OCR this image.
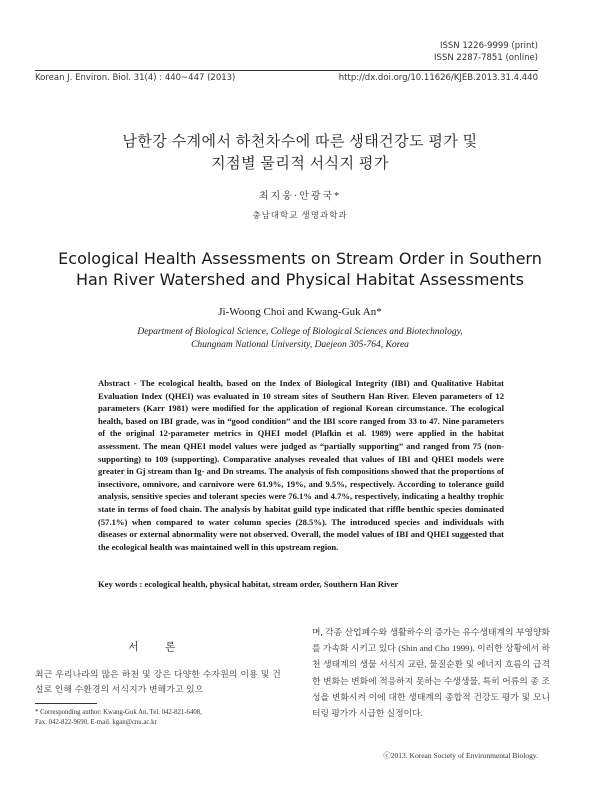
ISSN 1226-9999 (print)
ISSN 2287-7851 (online)
Korean J. Environ. Biol. 31(4) : 440~447 (2013)	http://dx.doi.org/10.11626/KJEB.2013.31.4.440
남한강 수계에서 하천차수에 따른 생태건강도 평가 및
지점별 물리적 서식지 평가
최지웅·안광국*
충남대학교 생명과학과
Ecological Health Assessments on Stream Order in Southern
Han River Watershed and Physical Habitat Assessments
Ji-Woong Choi and Kwang-Guk An*
Department of Biological Science, College of Biological Sciences and Biotechnology,
Chungnam National University, Daejeon 305-764, Korea
Abstract - The ecological health, based on the Index of Biological Integrity (IBI) and Qualitative Habitat Evaluation Index (QHEI) was evaluated in 10 stream sites of Southern Han River. Eleven parameters of 12 parameters (Karr 1981) were modified for the application of regional Korean circumstance. The ecological health, based on IBI grade, was in “good condition” and the IBI score ranged from 33 to 47. Nine parameters of the original 12-parameter metrics in QHEI model (Plafkin et al. 1989) were applied in the habitat assessment. The mean QHEI model values were judged as “partially supporting” and ranged from 75 (non-supporting) to 109 (supporting). Comparative analyses revealed that values of IBI and QHEI models were greater in Gj stream than Ig- and Dn streams. The analysis of fish compositions showed that the proportions of insectivore, omnivore, and carnivore were 61.9%, 19%, and 9.5%, respectively. According to tolerance guild analysis, sensitive species and tolerant species were 76.1% and 4.7%, respectively, indicating a healthy trophic state in terms of food chain. The analysis by habitat guild type indicated that riffle benthic species dominated (57.1%) when compared to water column species (28.5%). The introduced species and individuals with diseases or external abnormality were not observed. Overall, the model values of IBI and QHEI suggested that the ecological health was maintained well in this upstream region.
Key words : ecological health, physical habitat, stream order, Southern Han River
서 론
최근 우리나라의 많은 하천 및 강은 다양한 수자원의 이용 및 건설로 인해 수환경의 서식지가 변해가고 있으
* Corresponding author: Kwang-Guk An, Tel. 042-821-6408,
Fax. 042-822-9690, E-mail. kgan@cnu.ac.kr
며, 각종 산업폐수와 생활하수의 증가는 유수생태계의 부영양화를 가속화 시키고 있다 (Shin and Cho 1999). 이러한 상황에서 하천 생태계의 생물 서식지 교란, 물질순환 및 에너지 흐름의 급격한 변화는 변화에 적응하지 못하는 수생생물, 특히 어류의 종 조성을 변화시켜 이에 대한 생태계의 종합적 건강도 평가 및 모니터링 평가가 시급한 실정이다.
ⓒ2013. Korean Society of Environmental Biology.
